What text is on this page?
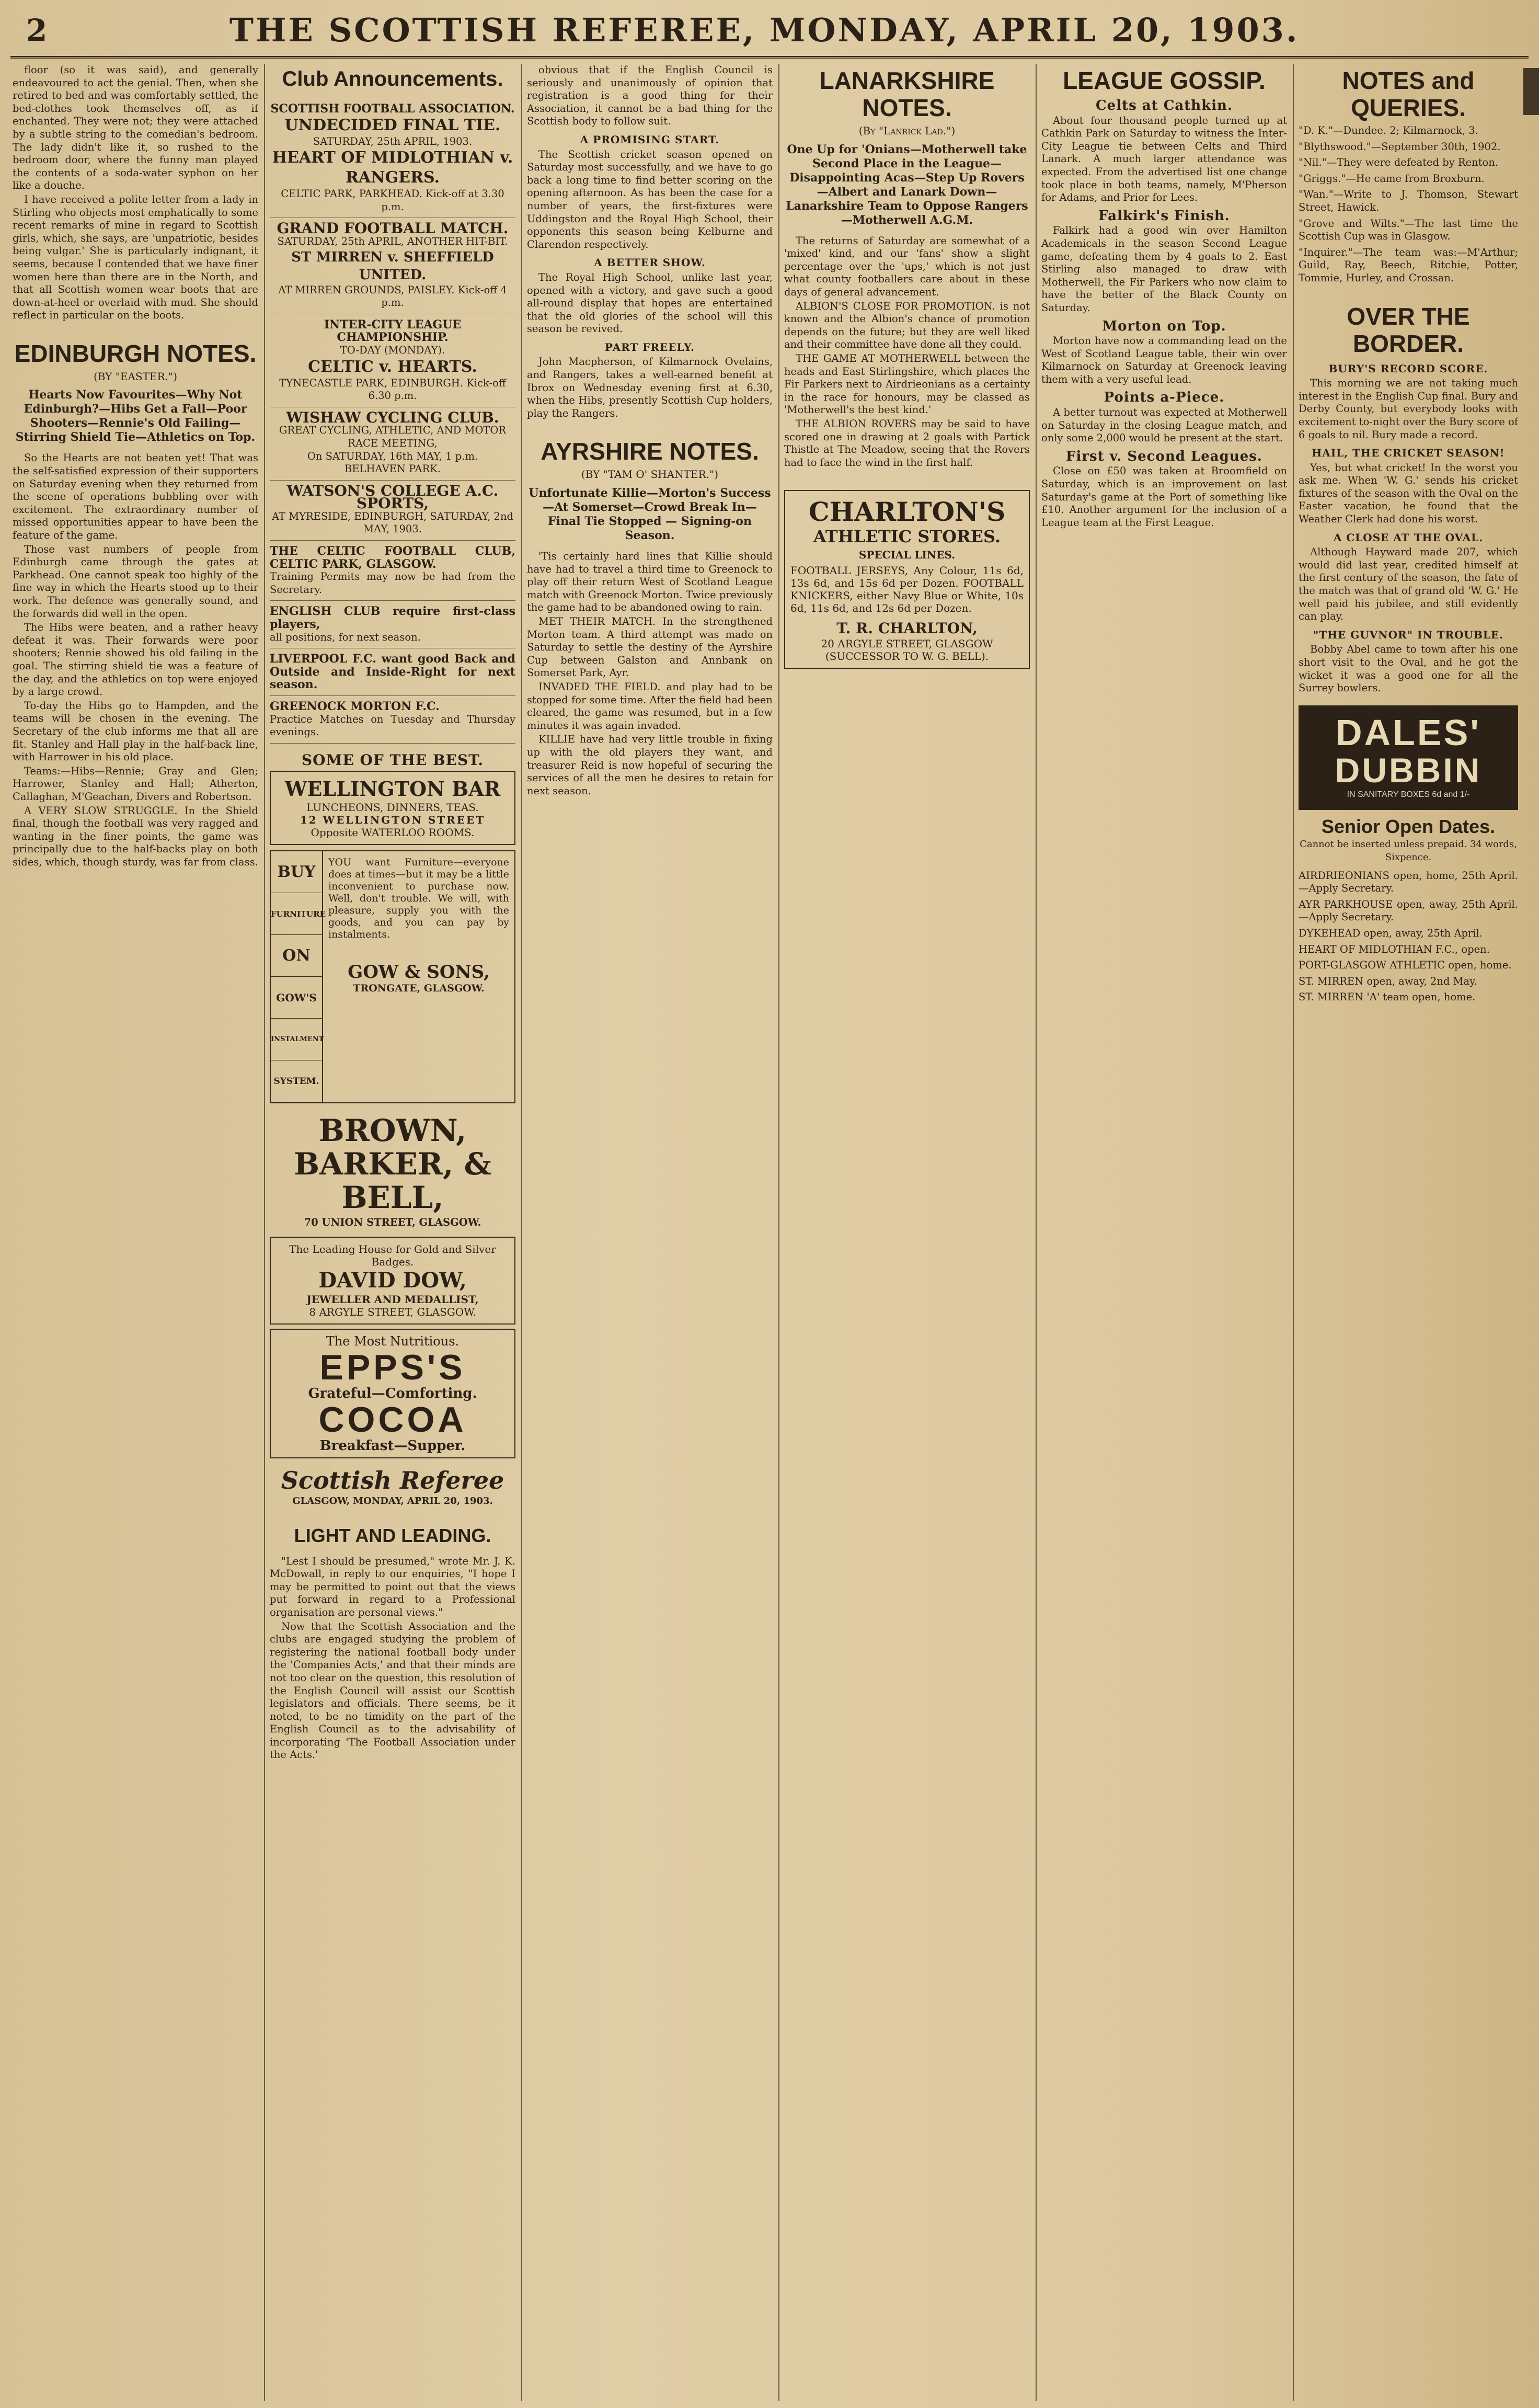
2	THE SCOTTISH REFEREE, MONDAY, APRIL 20, 1903.

floor (so it was said), and generally endeavoured to act the genial. Then, when she retired to bed and was comfortably settled, the bed-clothes took themselves off, as if enchanted. They were not; they were attached by a subtle string to the comedian's bedroom. The lady didn't like it, so rushed to the bedroom door, where the funny man played the contents of a soda-water syphon on her like a douche.

I have received a polite letter from a lady in Stirling who objects most emphatically to some recent remarks of mine in regard to Scottish girls, which, she says, are 'unpatriotic, besides being vulgar.' She is particularly indignant, it seems, because I contended that we have finer women here than there are in the North, and that all Scottish women wear boots that are down-at-heel or overlaid with mud. She should reflect in particular on the boots.

EDINBURGH NOTES.
(BY "EASTER.")
Hearts Now Favourites—Why Not Edinburgh?—Hibs Get a Fall—Poor Shooters—Rennie's Old Failing—Stirring Shield Tie—Athletics on Top.

So the Hearts are not beaten yet! That was the self-satisfied expression of their supporters on Saturday evening when they returned from the scene of operations bubbling over with excitement. The extraordinary number of missed opportunities appear to have been the feature of the game.

Those vast numbers of people from Edinburgh came through the gates at Parkhead. One cannot speak too highly of the fine way in which the Hearts stood up to their work. The defence was generally sound, and the forwards did well in the open.

The Hibs were beaten, and a rather heavy defeat it was. Their forwards were poor shooters; Rennie showed his old failing in the goal. The stirring shield tie was a feature of the day, and the athletics on top were enjoyed by a large crowd.

To-day the Hibs go to Hampden, and the teams will be chosen in the evening. The Secretary of the club informs me that all are fit. Stanley and Hall play in the half-back line, with Harrower in his old place.

Teams:—Hibs—Rennie; Gray and Glen; Harrower, Stanley and Hall; Atherton, Callaghan, M'Geachan, Divers and Robertson.

A VERY SLOW STRUGGLE. In the Shield final, though the football was very ragged and wanting in the finer points, the game was principally due to the half-backs play on both sides, which, though sturdy, was far from class.

Club Announcements.
SCOTTISH FOOTBALL ASSOCIATION.
UNDECIDED FINAL TIE.
SATURDAY, 25th APRIL, 1903.
HEART OF MIDLOTHIAN v. RANGERS.
CELTIC PARK, PARKHEAD. Kick-off at 3.30 p.m.
GRAND FOOTBALL MATCH.
SATURDAY, 25th APRIL, ANOTHER HIT-BIT.
ST MIRREN v. SHEFFIELD UNITED.
AT MIRREN GROUNDS, PAISLEY. Kick-off 4 p.m.
INTER-CITY LEAGUE CHAMPIONSHIP.
TO-DAY (MONDAY).
CELTIC v. HEARTS.
TYNECASTLE PARK, EDINBURGH. Kick-off 6.30 p.m.
WISHAW CYCLING CLUB.
GREAT CYCLING, ATHLETIC, AND MOTOR RACE MEETING,
On SATURDAY, 16th MAY, 1 p.m.
BELHAVEN PARK.
WATSON'S COLLEGE A.C. SPORTS,
AT MYRESIDE, EDINBURGH, SATURDAY, 2nd MAY, 1903.
THE CELTIC FOOTBALL CLUB, CELTIC PARK, GLASGOW.
Training Permits may now be had from the Secretary.
ENGLISH CLUB require first-class players,
all positions, for next season.
LIVERPOOL F.C. want good Back and Outside and Inside-Right for next season.
GREENOCK MORTON F.C.
Practice Matches on Tuesday and Thursday evenings.
SOME OF THE BEST.
WELLINGTON BAR
LUNCHEONS, DINNERS, TEAS.
12 WELLINGTON STREET
Opposite WATERLOO ROOMS.
BUY
FURNITURE
ON
GOW'S
INSTALMENT
SYSTEM.
YOU want Furniture—everyone does at times—but it may be a little inconvenient to purchase now. Well, don't trouble. We will, with pleasure, supply you with the goods, and you can pay by instalments.
GOW & SONS,
TRONGATE, GLASGOW.
BROWN, BARKER, & BELL,
70 UNION STREET, GLASGOW.
The Leading House for Gold and Silver Badges.
DAVID DOW,
JEWELLER AND MEDALLIST,
8 ARGYLE STREET, GLASGOW.
The Most Nutritious.
EPPS'S
Grateful—Comforting.
COCOA
Breakfast—Supper.
Scottish Referee
GLASGOW, MONDAY, APRIL 20, 1903.
LIGHT AND LEADING.

"Lest I should be presumed," wrote Mr. J. K. McDowall, in reply to our enquiries, "I hope I may be permitted to point out that the views put forward in regard to a Professional organisation are personal views."

Now that the Scottish Association and the clubs are engaged studying the problem of registering the national football body under the 'Companies Acts,' and that their minds are not too clear on the question, this resolution of the English Council will assist our Scottish legislators and officials. There seems, be it noted, to be no timidity on the part of the English Council as to the advisability of incorporating 'The Football Association under the Acts.'

obvious that if the English Council is seriously and unanimously of opinion that registration is a good thing for their Association, it cannot be a bad thing for the Scottish body to follow suit.

A PROMISING START.

The Scottish cricket season opened on Saturday most successfully, and we have to go back a long time to find better scoring on the opening afternoon. As has been the case for a number of years, the first-fixtures were Uddingston and the Royal High School, their opponents this season being Kelburne and Clarendon respectively.

A BETTER SHOW.

The Royal High School, unlike last year, opened with a victory, and gave such a good all-round display that hopes are entertained that the old glories of the school will this season be revived.

PART FREELY.

John Macpherson, of Kilmarnock Ovelains, and Rangers, takes a well-earned benefit at Ibrox on Wednesday evening first at 6.30, when the Hibs, presently Scottish Cup holders, play the Rangers.

AYRSHIRE NOTES.
(BY "TAM O' SHANTER.")
Unfortunate Killie—Morton's Success—At Somerset—Crowd Break In—Final Tie Stopped — Signing-on Season.

'Tis certainly hard lines that Killie should have had to travel a third time to Greenock to play off their return West of Scotland League match with Greenock Morton. Twice previously the game had to be abandoned owing to rain.

MET THEIR MATCH. In the strengthened Morton team. A third attempt was made on Saturday to settle the destiny of the Ayrshire Cup between Galston and Annbank on Somerset Park, Ayr.

INVADED THE FIELD. and play had to be stopped for some time. After the field had been cleared, the game was resumed, but in a few minutes it was again invaded.

KILLIE have had very little trouble in fixing up with the old players they want, and treasurer Reid is now hopeful of securing the services of all the men he desires to retain for next season.

LANARKSHIRE NOTES.
(By "Lanrick Lad.")
One Up for 'Onians—Motherwell take Second Place in the League—Disappointing Acas—Step Up Rovers—Albert and Lanark Down—Lanarkshire Team to Oppose Rangers—Motherwell A.G.M.

The returns of Saturday are somewhat of a 'mixed' kind, and our 'fans' show a slight percentage over the 'ups,' which is not just what county footballers care about in these days of general advancement.

ALBION'S CLOSE FOR PROMOTION. is not known and the Albion's chance of promotion depends on the future; but they are well liked and their committee have done all they could.

THE GAME AT MOTHERWELL between the heads and East Stirlingshire, which places the Fir Parkers next to Airdrieonians as a certainty in the race for honours, may be classed as 'Motherwell's the best kind.'

THE ALBION ROVERS may be said to have scored one in drawing at 2 goals with Partick Thistle at The Meadow, seeing that the Rovers had to face the wind in the first half.

CHARLTON'S
ATHLETIC STORES.
SPECIAL LINES.
FOOTBALL JERSEYS, Any Colour, 11s 6d, 13s 6d, and 15s 6d per Dozen. FOOTBALL KNICKERS, either Navy Blue or White, 10s 6d, 11s 6d, and 12s 6d per Dozen.
T. R. CHARLTON,
20 ARGYLE STREET, GLASGOW (SUCCESSOR TO W. G. BELL).
LEAGUE GOSSIP.
Celts at Cathkin.

About four thousand people turned up at Cathkin Park on Saturday to witness the Inter-City League tie between Celts and Third Lanark. A much larger attendance was expected. From the advertised list one change took place in both teams, namely, M'Pherson for Adams, and Prior for Lees.

Falkirk's Finish.

Falkirk had a good win over Hamilton Academicals in the season Second League game, defeating them by 4 goals to 2. East Stirling also managed to draw with Motherwell, the Fir Parkers who now claim to have the better of the Black County on Saturday.

Morton on Top.

Morton have now a commanding lead on the West of Scotland League table, their win over Kilmarnock on Saturday at Greenock leaving them with a very useful lead.

Points a-Piece.

A better turnout was expected at Motherwell on Saturday in the closing League match, and only some 2,000 would be present at the start.

First v. Second Leagues.

Close on £50 was taken at Broomfield on Saturday, which is an improvement on last Saturday's game at the Port of something like £10. Another argument for the inclusion of a League team at the First League.

NOTES and QUERIES.
"D. K."—Dundee. 2; Kilmarnock, 3.
"Blythswood."—September 30th, 1902.
"Nil."—They were defeated by Renton.
"Griggs."—He came from Broxburn.
"Wan."—Write to J. Thomson, Stewart Street, Hawick.
"Grove and Wilts."—The last time the Scottish Cup was in Glasgow.
"Inquirer."—The team was:—M'Arthur; Guild, Ray, Beech, Ritchie, Potter, Tommie, Hurley, and Crossan.
OVER THE BORDER.
BURY'S RECORD SCORE.

This morning we are not taking much interest in the English Cup final. Bury and Derby County, but everybody looks with excitement to-night over the Bury score of 6 goals to nil. Bury made a record.

HAIL, THE CRICKET SEASON!

Yes, but what cricket! In the worst you ask me. When 'W. G.' sends his cricket fixtures of the season with the Oval on the Easter vacation, he found that the Weather Clerk had done his worst.

A CLOSE AT THE OVAL.

Although Hayward made 207, which would did last year, credited himself at the first century of the season, the fate of the match was that of grand old 'W. G.' He well paid his jubilee, and still evidently can play.

"THE GUVNOR" IN TROUBLE.

Bobby Abel came to town after his one short visit to the Oval, and he got the wicket it was a good one for all the Surrey bowlers.

DALES'
DUBBIN
IN SANITARY BOXES 6d and 1/-
Senior Open Dates.
Cannot be inserted unless prepaid. 34 words, Sixpence.
AIRDRIEONIANS open, home, 25th April.—Apply Secretary.
AYR PARKHOUSE open, away, 25th April.—Apply Secretary.
DYKEHEAD open, away, 25th April.
HEART OF MIDLOTHIAN F.C., open.
PORT-GLASGOW ATHLETIC open, home.
ST. MIRREN open, away, 2nd May.
ST. MIRREN 'A' team open, home.
